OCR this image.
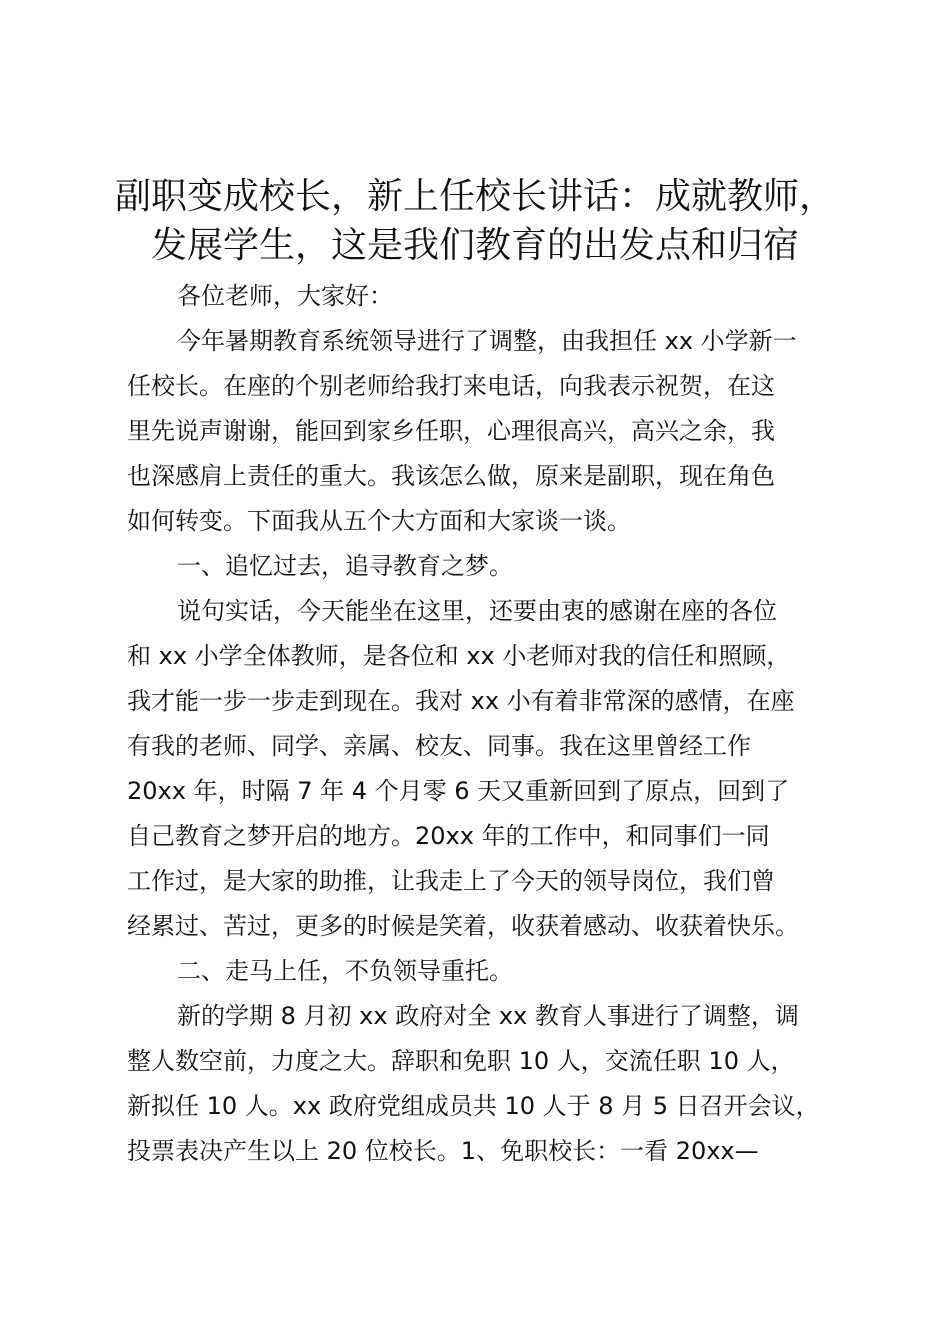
副职变成校长，新上任校长讲话：成就教师，
发展学生，这是我们教育的出发点和归宿

各位老师，大家好：

今年暑期教育系统领导进行了调整，由我担任 xx 小学新一

任校长。在座的个别老师给我打来电话，向我表示祝贺，在这

里先说声谢谢，能回到家乡任职，心理很高兴，高兴之余，我

也深感肩上责任的重大。我该怎么做，原来是副职，现在角色

如何转变。下面我从五个大方面和大家谈一谈。

一、追忆过去，追寻教育之梦。

说句实话，今天能坐在这里，还要由衷的感谢在座的各位

和 xx 小学全体教师，是各位和 xx 小老师对我的信任和照顾，

我才能一步一步走到现在。我对 xx 小有着非常深的感情，在座

有我的老师、同学、亲属、校友、同事。我在这里曾经工作

20xx 年，时隔 7 年 4 个月零 6 天又重新回到了原点，回到了

自己教育之梦开启的地方。20xx 年的工作中，和同事们一同

工作过，是大家的助推，让我走上了今天的领导岗位，我们曾

经累过、苦过，更多的时候是笑着，收获着感动、收获着快乐。

二、走马上任，不负领导重托。

新的学期 8 月初 xx 政府对全 xx 教育人事进行了调整，调

整人数空前，力度之大。辞职和免职 10 人，交流任职 10 人，

新拟任 10 人。xx 政府党组成员共 10 人于 8 月 5 日召开会议，

投票表决产生以上 20 位校长。1、免职校长：一看 20xx—
